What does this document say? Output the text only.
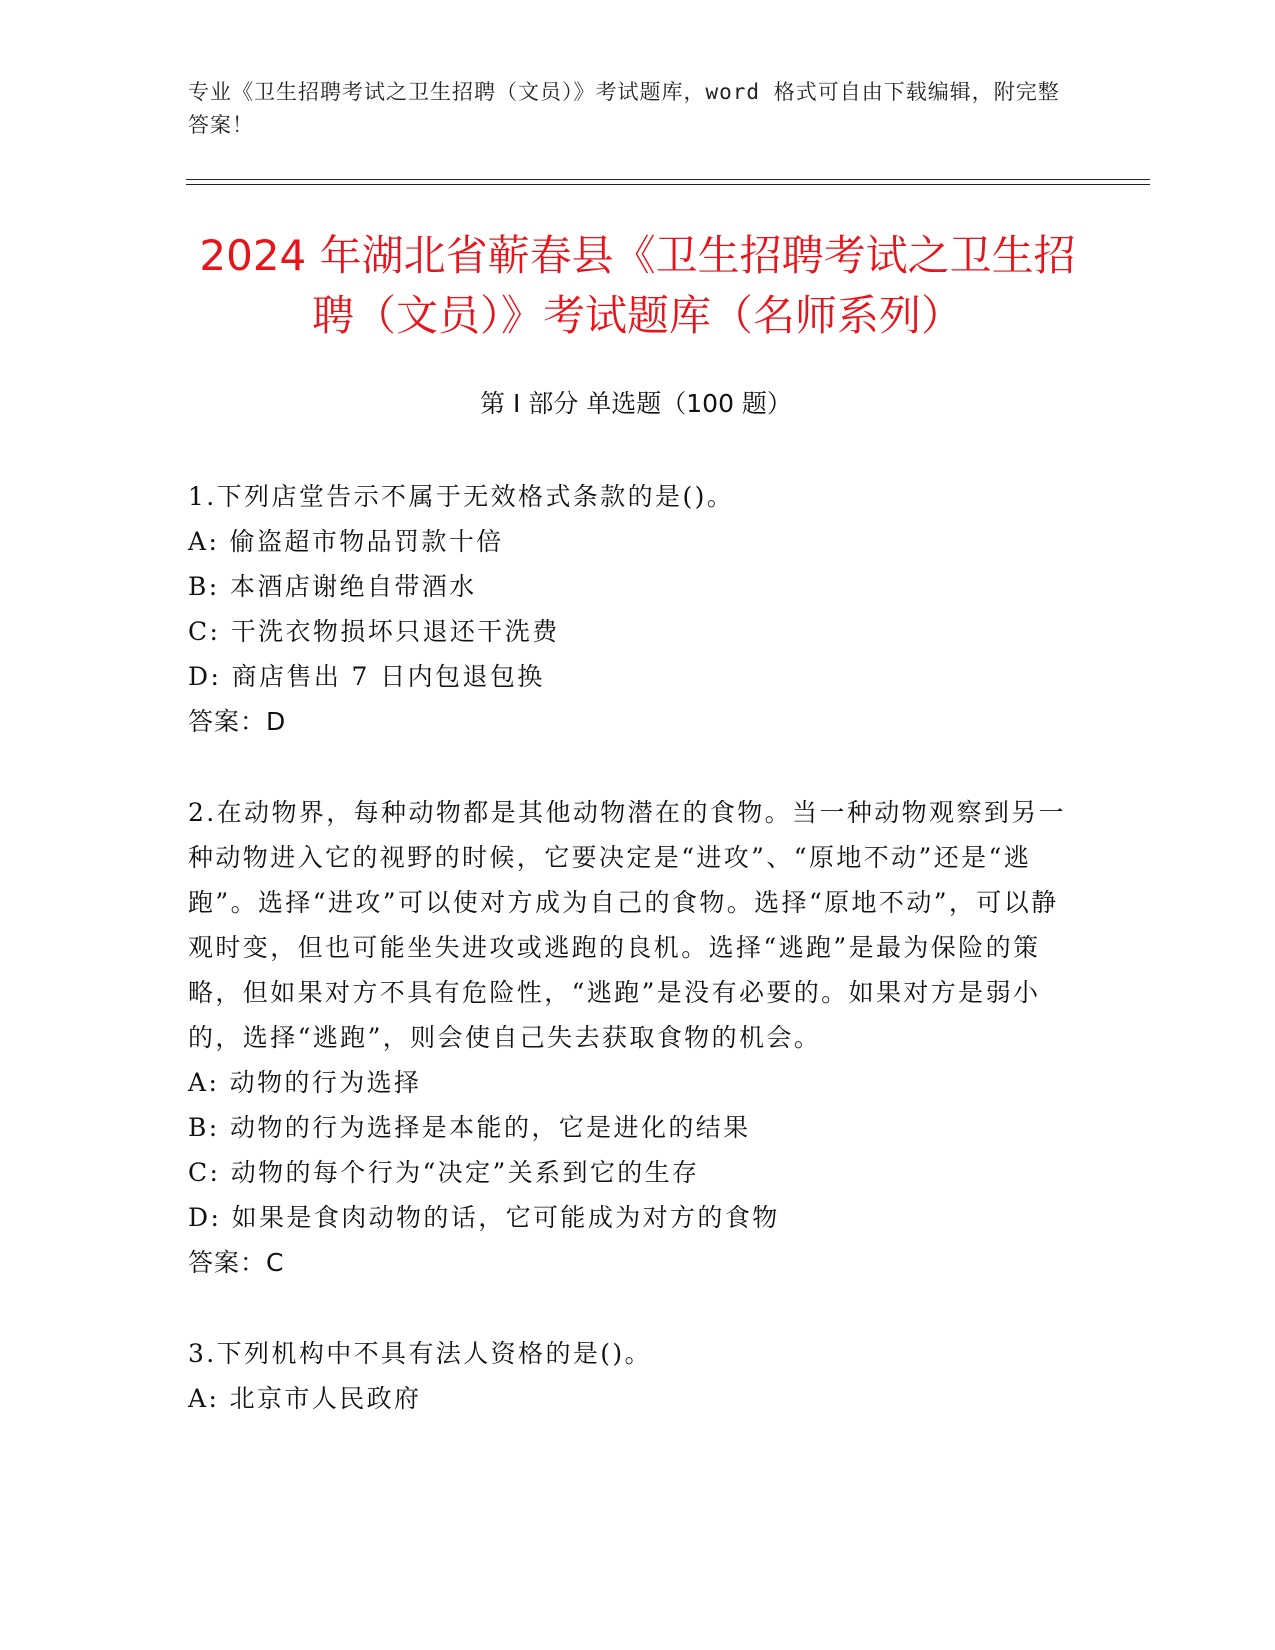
专业《卫生招聘考试之卫生招聘（文员）》考试题库，word 格式可自由下载编辑，附完整答案！
2024 年湖北省蕲春县《卫生招聘考试之卫生招聘（文员）》考试题库（名师系列）
第 I 部分 单选题（100 题）

1.下列店堂告示不属于无效格式条款的是()。

A: 偷盗超市物品罚款十倍

B: 本酒店谢绝自带酒水

C: 干洗衣物损坏只退还干洗费

D: 商店售出 7 日内包退包换

答案：D

2.在动物界，每种动物都是其他动物潜在的食物。当一种动物观察到另一种动物进入它的视野的时候，它要决定是“进攻”、“原地不动”还是“逃跑”。选择“进攻”可以使对方成为自己的食物。选择“原地不动”，可以静观时变，但也可能坐失进攻或逃跑的良机。选择“逃跑”是最为保险的策略，但如果对方不具有危险性，“逃跑”是没有必要的。如果对方是弱小的，选择“逃跑”，则会使自己失去获取食物的机会。

A: 动物的行为选择

B: 动物的行为选择是本能的，它是进化的结果

C: 动物的每个行为“决定”关系到它的生存

D: 如果是食肉动物的话，它可能成为对方的食物

答案：C

3.下列机构中不具有法人资格的是()。

A: 北京市人民政府
